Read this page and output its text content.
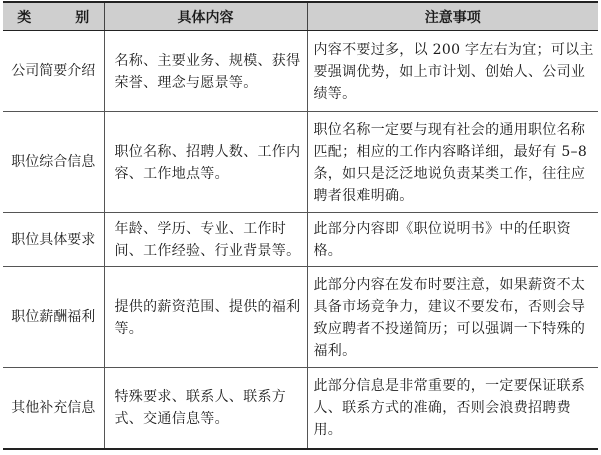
类 别	具体内容	注意事项
公司简要介绍	名称、主要业务、规模、获得荣誉、理念与愿景等。	内容不要过多，以 200 字左右为宜；可以主要强调优势，如上市计划、创始人、公司业绩等。
职位综合信息	职位名称、招聘人数、工作内容、工作地点等。	职位名称一定要与现有社会的通用职位名称匹配；相应的工作内容略详细，最好有 5–8 条，如只是泛泛地说负责某类工作，往往应聘者很难明确。
职位具体要求	年龄、学历、专业、工作时间、工作经验、行业背景等。	此部分内容即《职位说明书》中的任职资格。
职位薪酬福利	提供的薪资范围、提供的福利等。	此部分内容在发布时要注意，如果薪资不太具备市场竞争力，建议不要发布，否则会导致应聘者不投递简历；可以强调一下特殊的福利。
其他补充信息	特殊要求、联系人、联系方式、交通信息等。	此部分信息是非常重要的，一定要保证联系人、联系方式的准确，否则会浪费招聘费用。
